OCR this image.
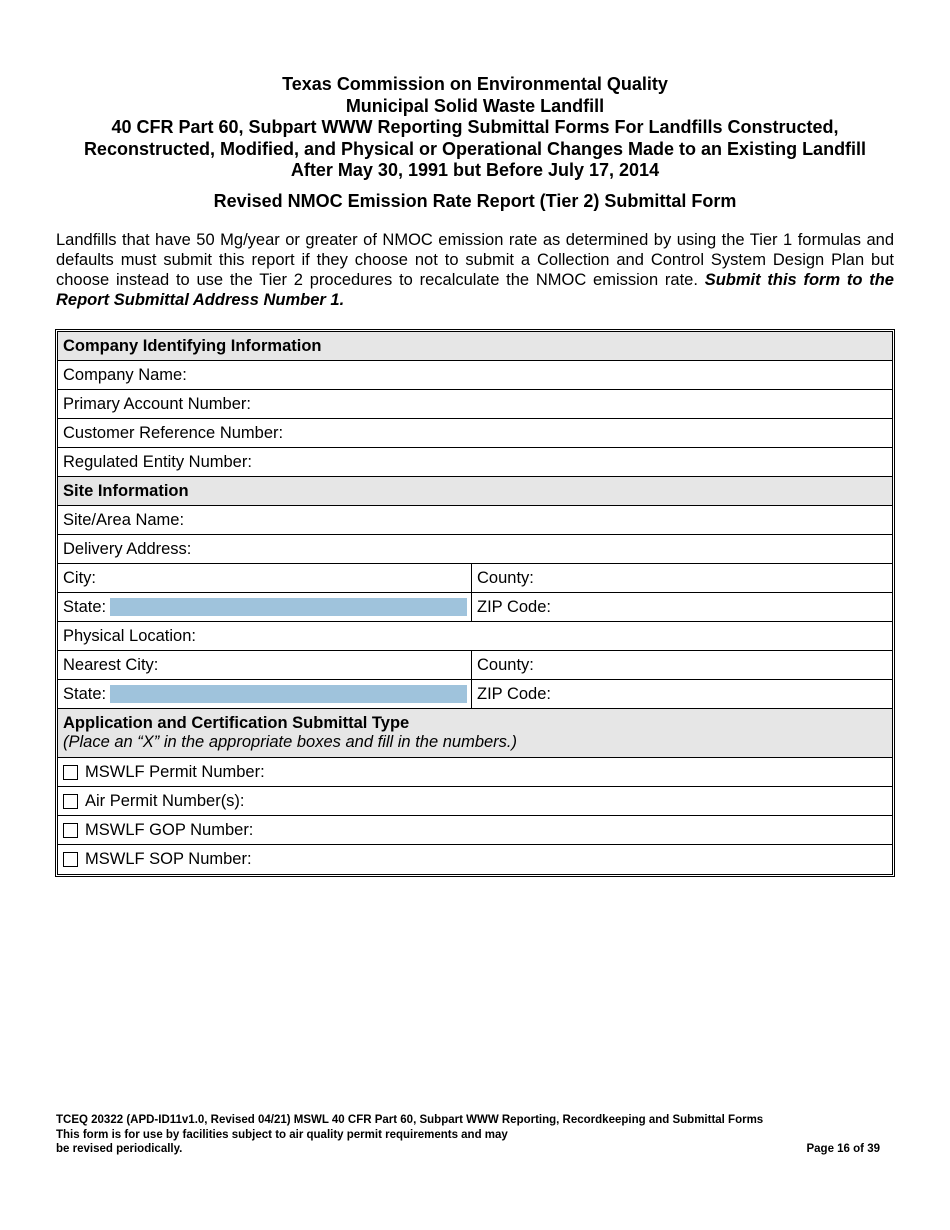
Texas Commission on Environmental Quality
Municipal Solid Waste Landfill
40 CFR Part 60, Subpart WWW Reporting Submittal Forms For Landfills Constructed,
Reconstructed, Modified, and Physical or Operational Changes Made to an Existing Landfill
After May 30, 1991 but Before July 17, 2014
Revised NMOC Emission Rate Report (Tier 2) Submittal Form
Landfills that have 50 Mg/year or greater of NMOC emission rate as determined by using the Tier 1 formulas and defaults must submit this report if they choose not to submit a Collection and Control System Design Plan but choose instead to use the Tier 2 procedures to recalculate the NMOC emission rate. Submit this form to the Report Submittal Address Number 1.
Company Identifying Information
Company Name:
Primary Account Number:
Customer Reference Number:
Regulated Entity Number:
Site Information
Site/Area Name:
Delivery Address:
City:	County:
State:	ZIP Code:
Physical Location:
Nearest City:	County:
State:	ZIP Code:
Application and Certification Submittal Type
(Place an “X” in the appropriate boxes and fill in the numbers.)
MSWLF Permit Number:
Air Permit Number(s):
MSWLF GOP Number:
MSWLF SOP Number:
TCEQ 20322 (APD-ID11v1.0, Revised 04/21) MSWL 40 CFR Part 60, Subpart WWW Reporting, Recordkeeping and Submittal Forms
This form is for use by facilities subject to air quality permit requirements and may
be revised periodically.	Page 16 of 39
